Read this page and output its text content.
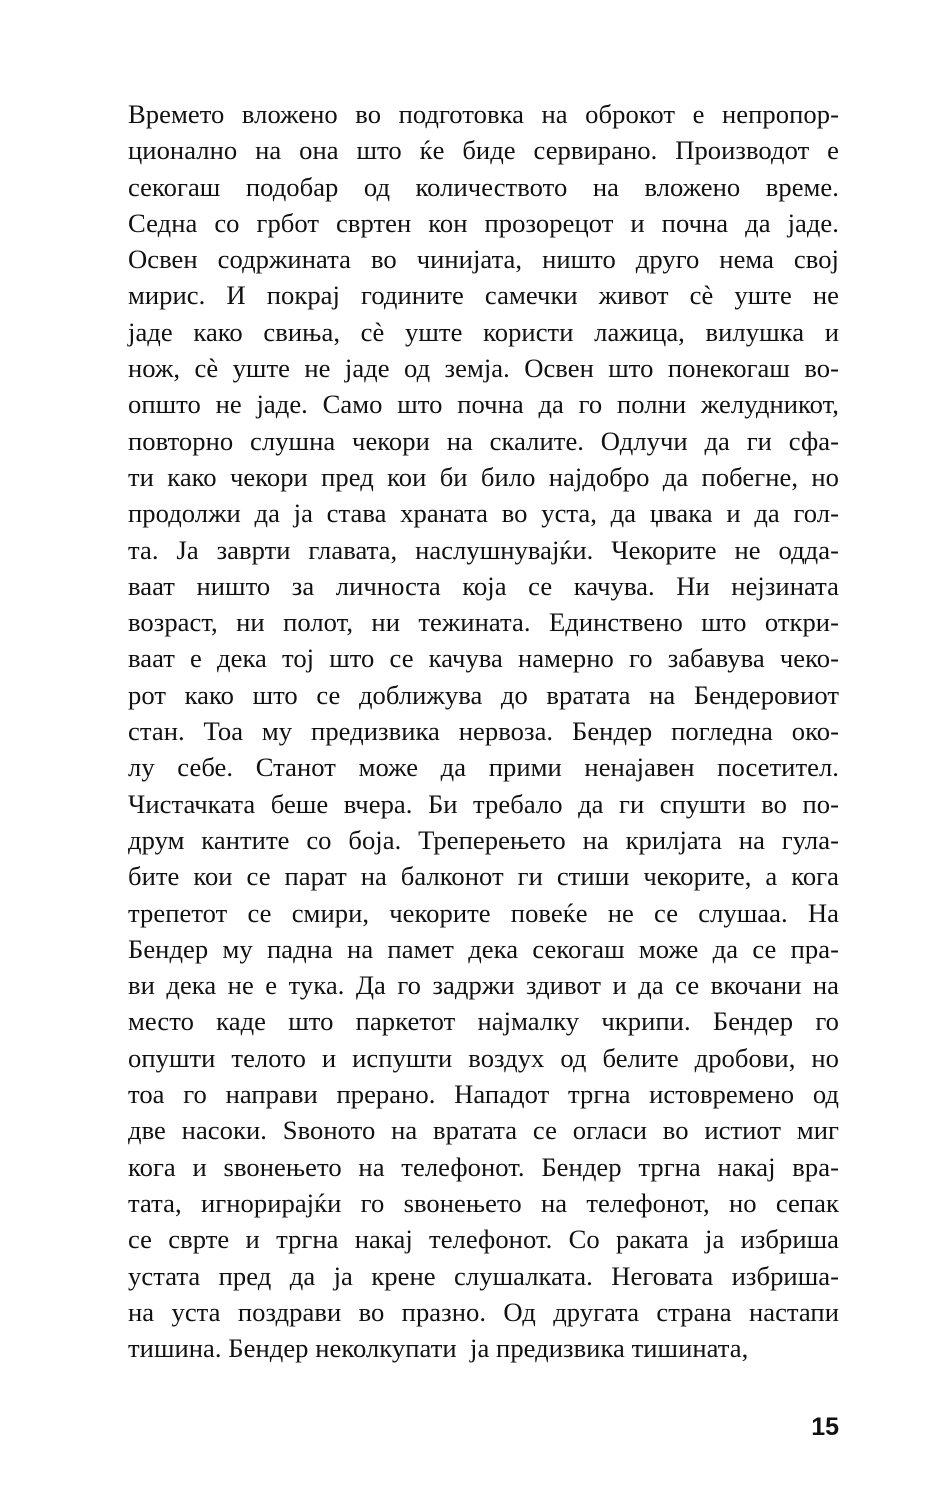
Времето вложено во подготовка на оброкот е непропор-
ционално на она што ќе биде сервирано. Производот е
секогаш подобар од количеството на вложено време.
Седна со грбот свртен кон прозорецот и почна да јаде.
Освен содржината во чинијата, ништо друго нема свој
мирис. И покрај годините самечки живот сè уште не
јаде како свиња, сè уште користи лажица, вилушка и
нож, сè уште не јаде од земја. Освен што понекогаш во-
општо не јаде. Само што почна да го полни желудникот,
повторно слушна чекори на скалите. Одлучи да ги сфа-
ти како чекори пред кои би било најдобро да побегне, но
продолжи да ја става храната во уста, да џвака и да гол-
та. Ја заврти главата, наслушнувајќи. Чекорите не одда-
ваат ништо за личноста која се качува. Ни нејзината
возраст, ни полот, ни тежината. Единствено што откри-
ваат е дека тој што се качува намерно го забавува чеко-
рот како што се доближува до вратата на Бендеровиот
стан. Тоа му предизвика нервоза. Бендер погледна око-
лу себе. Станот може да прими ненајавен посетител.
Чистачката беше вчера. Би требало да ги спушти во по-
друм кантите со боја. Треперењето на крилјата на гула-
бите кои се парат на балконот ги стиши чекорите, а кога
трепетот се смири, чекорите повеќе не се слушаа. На
Бендер му падна на памет дека секогаш може да се пра-
ви дека не е тука. Да го задржи здивот и да се вкочани на
место каде што паркетот најмалку чкрипи. Бендер го
опушти телото и испушти воздух од белите дробови, но
тоа го направи прерано. Нападот тргна истовремено од
две насоки. Ѕвоното на вратата се огласи во истиот миг
кога и ѕвонењето на телефонот. Бендер тргна накај вра-
тата, игнорирајќи го ѕвонењето на телефонот, но сепак
се сврте и тргна накај телефонот. Со раката ја избриша
устата пред да ја крене слушалката. Неговата избриша-
на уста поздрави во празно. Од другата страна настапи
тишина. Бендер неколкупати  ја предизвика тишината,
15
